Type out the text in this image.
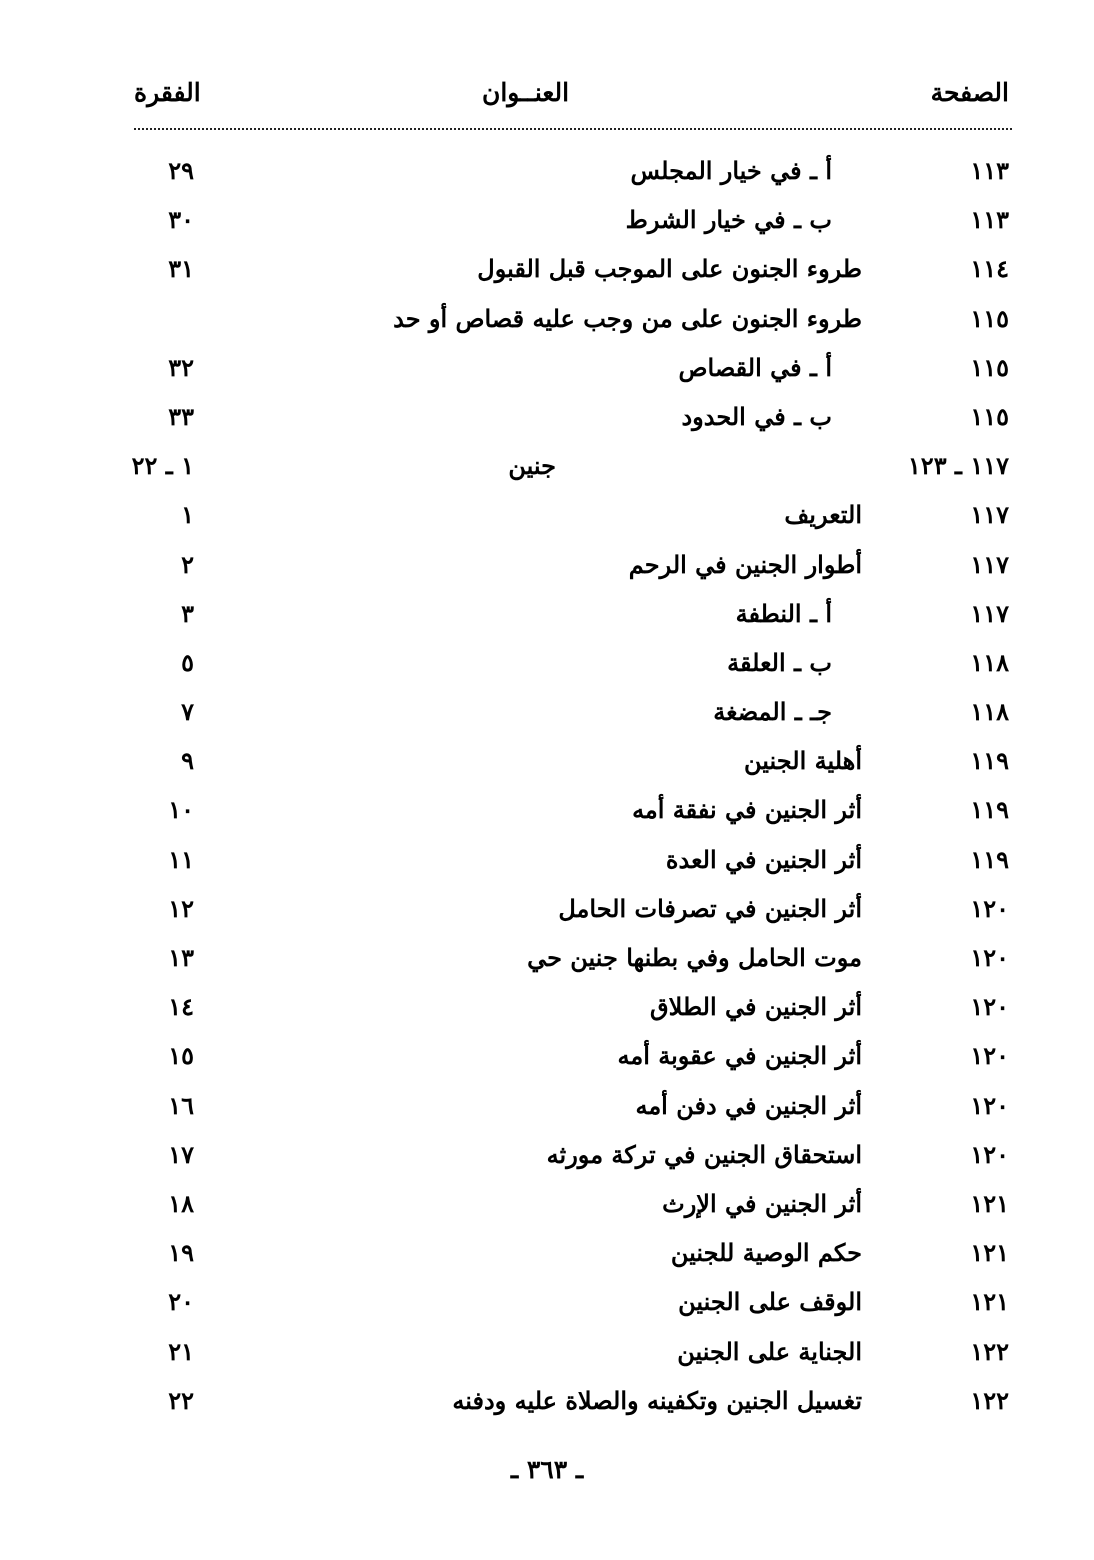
الصفحة
العنــوان
الفقرة
١١٣
أ ـ في خيار المجلس
٢٩
١١٣
ب ـ في خيار الشرط
٣٠
١١٤
طروء الجنون على الموجب قبل القبول
٣١
١١٥
طروء الجنون على من وجب عليه قصاص أو حد
١١٥
أ ـ في القصاص
٣٢
١١٥
ب ـ في الحدود
٣٣
١١٧ ـ ١٢٣
جنين
١ ـ ٢٢
١١٧
التعريف
١
١١٧
أطوار الجنين في الرحم
٢
١١٧
أ ـ النطفة
٣
١١٨
ب ـ العلقة
٥
١١٨
جـ ـ المضغة
٧
١١٩
أهلية الجنين
٩
١١٩
أثر الجنين في نفقة أمه
١٠
١١٩
أثر الجنين في العدة
١١
١٢٠
أثر الجنين في تصرفات الحامل
١٢
١٢٠
موت الحامل وفي بطنها جنين حي
١٣
١٢٠
أثر الجنين في الطلاق
١٤
١٢٠
أثر الجنين في عقوبة أمه
١٥
١٢٠
أثر الجنين في دفن أمه
١٦
١٢٠
استحقاق الجنين في تركة مورثه
١٧
١٢١
أثر الجنين في الإرث
١٨
١٢١
حكم الوصية للجنين
١٩
١٢١
الوقف على الجنين
٢٠
١٢٢
الجناية على الجنين
٢١
١٢٢
تغسيل الجنين وتكفينه والصلاة عليه ودفنه
٢٢
ـ ٣٦٣ ـ
